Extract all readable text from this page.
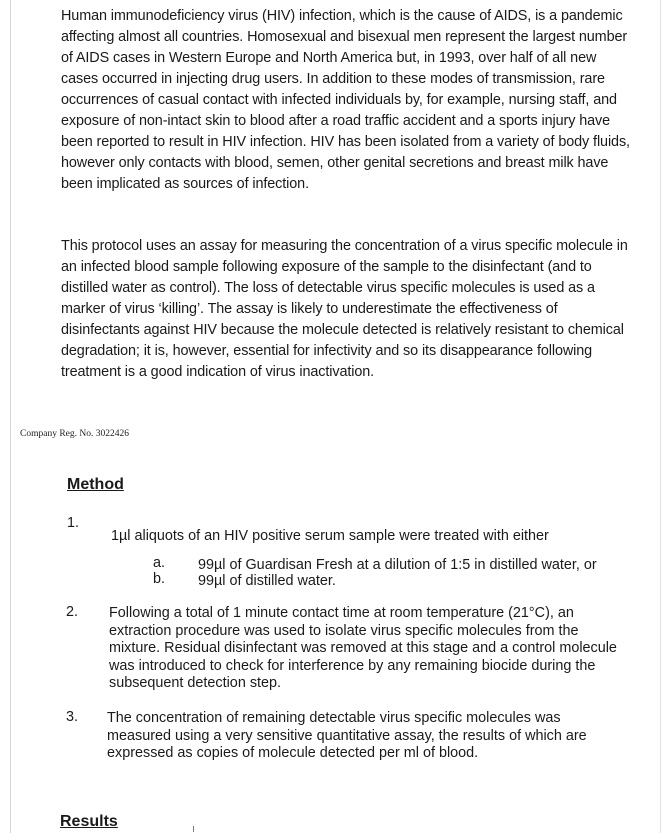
Human immunodeficiency virus (HIV) infection, which is the cause of AIDS, is a pandemic affecting almost all countries. Homosexual and bisexual men represent the largest number of AIDS cases in Western Europe and North America but, in 1993, over half of all new cases occurred in injecting drug users. In addition to these modes of transmission, rare occurrences of casual contact with infected individuals by, for example, nursing staff, and exposure of non-intact skin to blood after a road traffic accident and a sports injury have been reported to result in HIV infection. HIV has been isolated from a variety of body fluids, however only contacts with blood, semen, other genital secretions and breast milk have been implicated as sources of infection.

This protocol uses an assay for measuring the concentration of a virus specific molecule in an infected blood sample following exposure of the sample to the disinfectant (and to distilled water as control). The loss of detectable virus specific molecules is used as a marker of virus ‘killing’. The assay is likely to underestimate the effectiveness of disinfectants against HIV because the molecule detected is relatively resistant to chemical degradation; it is, however, essential for infectivity and so its disappearance following treatment is a good indication of virus inactivation.

Company Reg. No. 3022426
Method
1.

1µl aliquots of an HIV positive serum sample were treated with either

a. 99µl of Guardisan Fresh at a dilution of 1:5 in distilled water, or
b. 99µl of distilled water.
2. Following a total of 1 minute contact time at room temperature (21°C), an extraction procedure was used to isolate virus specific molecules from the mixture. Residual disinfectant was removed at this stage and a control molecule was introduced to check for interference by any remaining biocide during the subsequent detection step.

3. The concentration of remaining detectable virus specific molecules was measured using a very sensitive quantitative assay, the results of which are expressed as copies of molecule detected per ml of blood.

Results
